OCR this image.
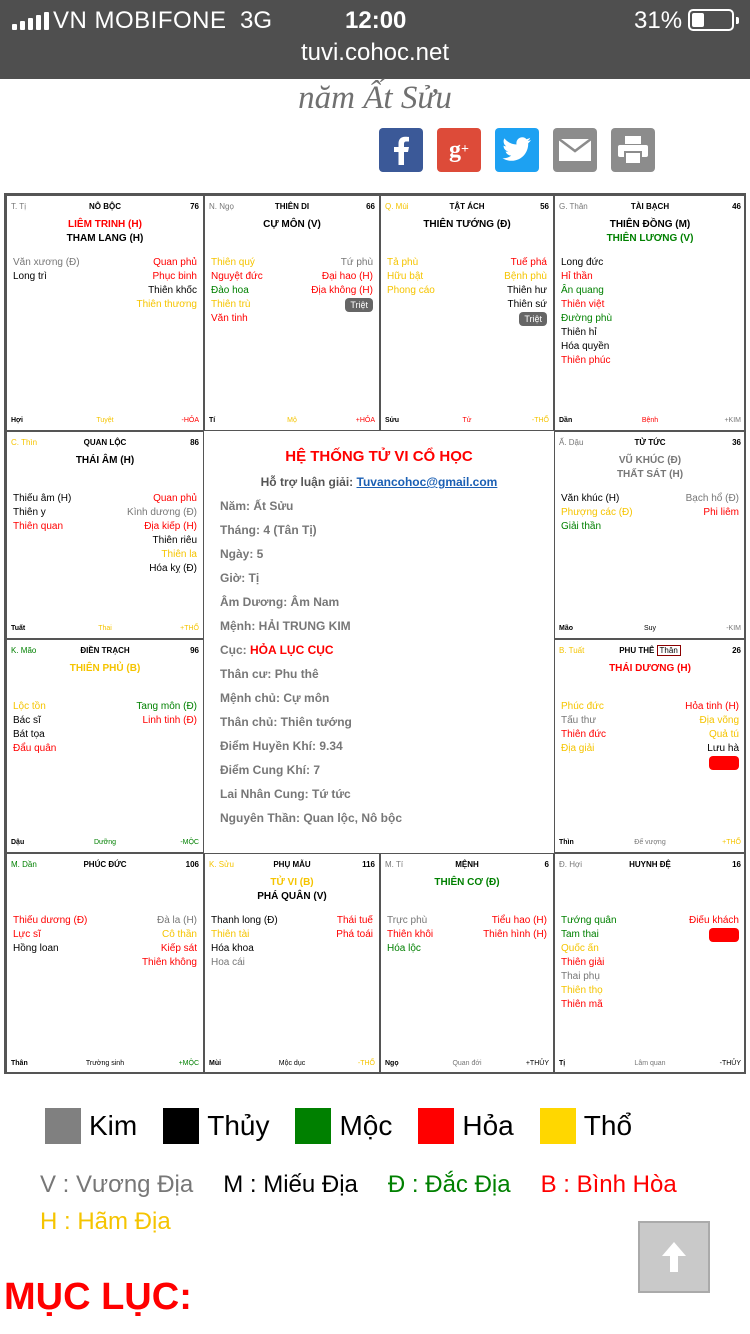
VN MOBIFONE 3G	12:00	31%
tuvi.cohoc.net
năm Ất Sửu
g +
T. Tị	NÔ BỘC	76
LIÊM TRINH (H)
THAM LANG (H)
Văn xương (Đ)	Quan phủ
Long trì	Phục binh
Thiên khốc
Thiên thương
Hợi	Tuyệt	-HỎA
N. Ngọ	THIÊN DI	66
CỰ MÔN (V)
Thiên quý	Tứ phù
Nguyệt đức	Đại hao (H)
Đào hoa	Địa không (H)
Thiên trù	Triệt
Văn tinh
Tí	Mộ	+HỎA
Q. Mùi	TẬT ÁCH	56
THIÊN TƯỚNG (Đ)
Tả phù	Tuế phá
Hữu bật	Bệnh phù
Phong cáo	Thiên hư
Thiên sứ
Triệt
Sửu	Tử	-THỔ
G. Thân	TÀI BẠCH	46
THIÊN ĐỒNG (M)
THIÊN LƯƠNG (V)
Long đức
Hỉ thần
Ân quang
Thiên việt
Đường phù
Thiên hỉ
Hóa quyền
Thiên phúc
Dần	Bệnh	+KIM
C. Thìn	QUAN LỘC	86
THÁI ÂM (H)
Thiếu âm (H)	Quan phủ
Thiên y	Kình dương (Đ)
Thiên quan	Địa kiếp (H)
Thiên riêu
Thiên la
Hóa kỵ (Đ)
Tuất	Thai	+THỔ
Ấ. Dậu	TỬ TỨC	36
VŨ KHÚC (Đ)
THẤT SÁT (H)
Văn khúc (H)	Bạch hổ (Đ)
Phượng các (Đ)	Phi liêm
Giải thần
Mão	Suy	-KIM
K. Mão	ĐIỀN TRẠCH	96
THIÊN PHỦ (B)
Lộc tồn	Tang môn (Đ)
Bác sĩ	Linh tinh (Đ)
Bát tọa
Đẩu quân
Dậu	Dưỡng	-MỘC
B. Tuất	PHU THÊ Thân	26
THÁI DƯƠNG (H)
Phúc đức	Hỏa tinh (H)
Tấu thư	Địa võng
Thiên đức	Quả tú
Địa giải	Lưu hà
Tuần
Thìn	Đế vượng	+THỔ
M. Dần	PHÚC ĐỨC	106
Thiếu dương (Đ)	Đà la (H)
Lực sĩ	Cô thần
Hồng loan	Kiếp sát
Thiên không
Thân	Trường sinh	+MỘC
K. Sửu	PHỤ MẪU	116
TỬ VI (B)
PHÁ QUÂN (V)
Thanh long (Đ)	Thái tuế
Thiên tài	Phá toái
Hóa khoa
Hoa cái
Mùi	Mộc dục	-THỔ
M. Tí	MỆNH	6
THIÊN CƠ (Đ)
Trực phù	Tiểu hao (H)
Thiên khôi	Thiên hình (H)
Hóa lộc
Ngọ	Quan đới	+THỦY
Đ. Hợi	HUYNH ĐỆ	16
Tướng quân	Điếu khách
Tam thai	Tuần
Quốc ấn
Thiên giải
Thai phụ
Thiên thọ
Thiên mã
Tị	Lâm quan	-THỦY
HỆ THỐNG TỬ VI CỔ HỌC
Hỗ trợ luận giải: Tuvancohoc@gmail.com
Năm: Ất Sửu
Tháng: 4 (Tân Tị)
Ngày: 5
Giờ: Tị
Âm Dương: Âm Nam
Mệnh: HẢI TRUNG KIM
Cục: HỎA LỤC CỤC
Thân cư: Phu thê
Mệnh chủ: Cự môn
Thân chủ: Thiên tướng
Điểm Huyền Khí: 9.34
Điểm Cung Khí: 7
Lai Nhân Cung: Tứ tức
Nguyên Thần: Quan lộc, Nô bộc
Kim	Thủy	Mộc	Hỏa	Thổ
V : Vương Địa M : Miếu Địa Đ : Đắc Địa B : Bình Hòa
H : Hãm Địa
MỤC LỤC:
